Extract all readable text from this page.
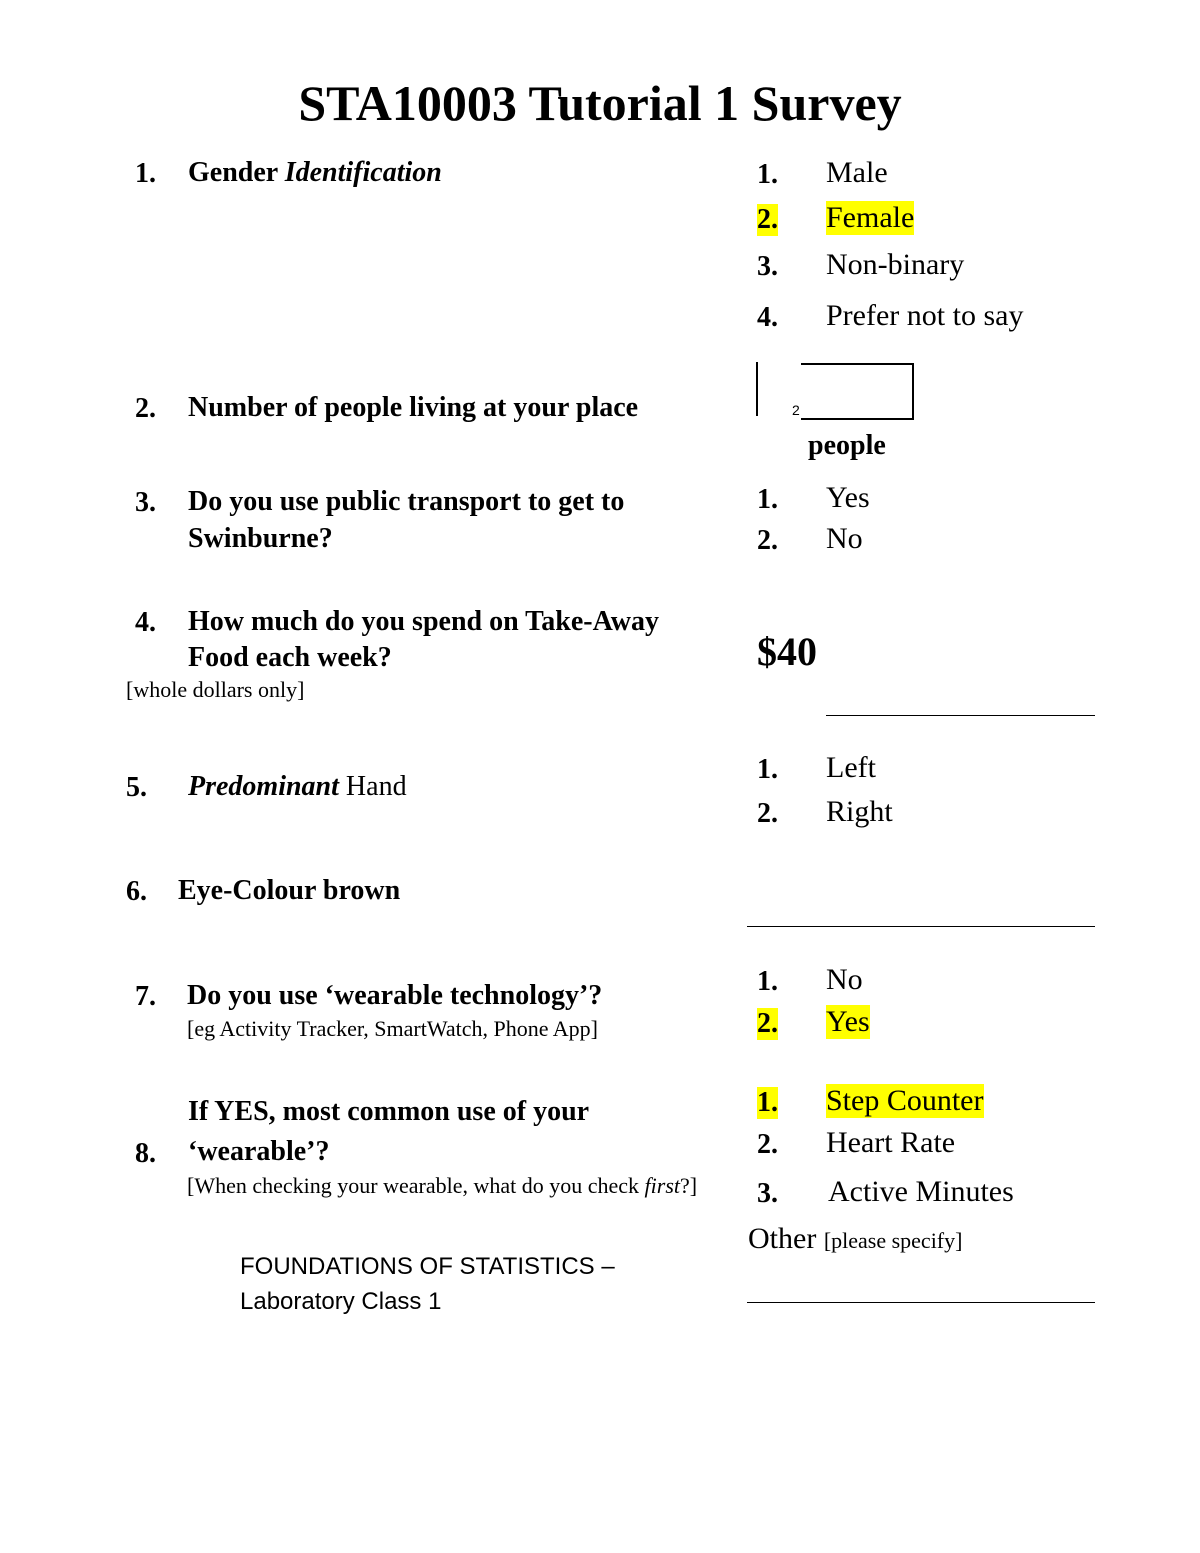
STA10003 Tutorial 1 Survey
1. Gender Identification	1. Male
2. Female
3. Non-binary
4. Prefer not to say
2. Number of people living at your place	2
people
3. Do you use public transport to get to
Swinburne?
1. Yes
2. No
4. How much do you spend on Take-Away
Food each week?
[whole dollars only]
$40
5. Predominant Hand
1. Left
2. Right
6. Eye-Colour brown
7. Do you use ‘wearable technology’?
[eg Activity Tracker, SmartWatch, Phone App]
1. No
2. Yes
If YES, most common use of your
8. ‘wearable’?
[When checking your wearable, what do you check first?]
1. Step Counter
2. Heart Rate
3. Active Minutes
Other [please specify]
FOUNDATIONS OF STATISTICS –
Laboratory Class 1
